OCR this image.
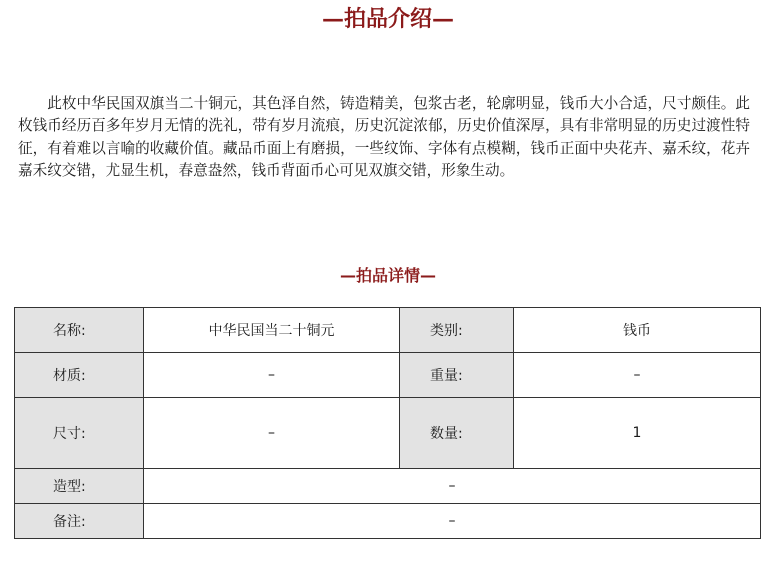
—拍品介绍—

此枚中华民国双旗当二十铜元，其色泽自然，铸造精美，包浆古老，轮廓明显，钱币大小合适，尺寸颇佳。此枚钱币经历百多年岁月无情的洗礼，带有岁月流痕，历史沉淀浓郁，历史价值深厚，具有非常明显的历史过渡性特征，有着难以言喻的收藏价值。藏品币面上有磨损，一些纹饰、字体有点模糊，钱币正面中央花卉、嘉禾纹，花卉嘉禾纹交错，尤显生机，春意盎然，钱币背面币心可见双旗交错，形象生动。

—拍品详情—
名称:	中华民国当二十铜元	类别:	钱币
材质:	–	重量:	–
尺寸:	–	数量:	1
造型:	–		
备注:	–		
